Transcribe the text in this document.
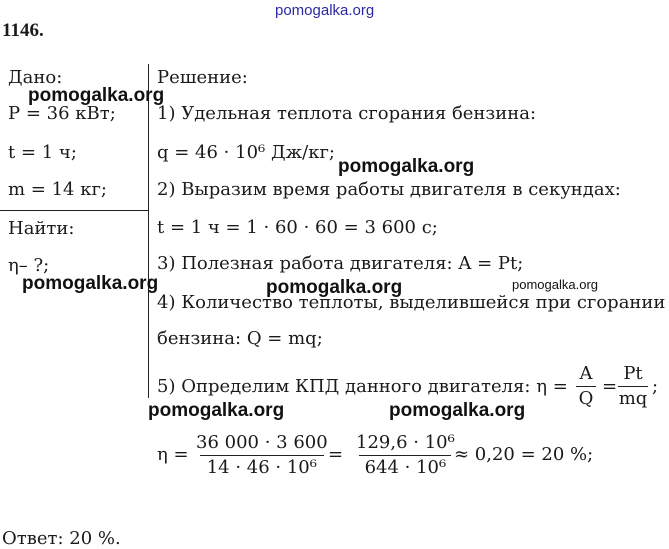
pomogalka.org
1146.
Дано:
P = 36 кВт;
t = 1 ч;
m = 14 кг;
Найти:
η– ?;
Решение:
1) Удельная теплота сгорания бензина:
q = 46 · 10⁶ Дж/кг;
2) Выразим время работы двигателя в секундах:
t = 1 ч = 1 · 60 · 60 = 3 600 с;
3) Полезная работа двигателя: A = Pt;
4) Количество теплоты, выделившейся при сгорании
бензина: Q = mq;
5) Определим КПД данного двигателя: η =
A
Q
=
Pt
mq
;
η =
36 000 · 3 600
14 · 46 · 10⁶
=
129,6 · 10⁶
644 · 10⁶
≈ 0,20 = 20 %;
Ответ: 20 %.
pomogalka.org
pomogalka.org
pomogalka.org	pomogalka.org	pomogalka.org
pomogalka.org	pomogalka.org
